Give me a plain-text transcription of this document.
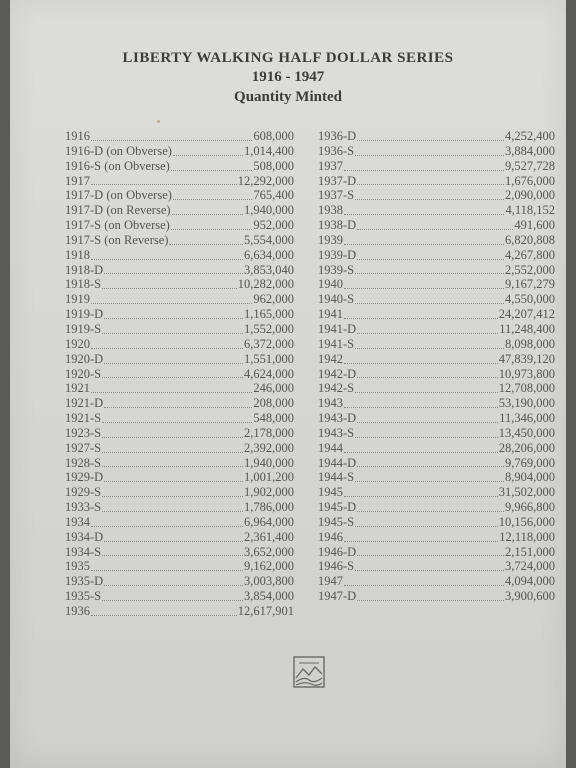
LIBERTY WALKING HALF DOLLAR SERIES
1916 - 1947
Quantity Minted
1916	608,000
1916-D (on Obverse)	1,014,400
1916-S (on Obverse)	508,000
1917	12,292,000
1917-D (on Obverse)	765,400
1917-D (on Reverse)	1,940,000
1917-S (on Obverse)	952,000
1917-S (on Reverse)	5,554,000
1918	6,634,000
1918-D	3,853,040
1918-S	10,282,000
1919	962,000
1919-D	1,165,000
1919-S	1,552,000
1920	6,372,000
1920-D	1,551,000
1920-S	4,624,000
1921	246,000
1921-D	208,000
1921-S	548,000
1923-S	2,178,000
1927-S	2,392,000
1928-S	1,940,000
1929-D	1,001,200
1929-S	1,902,000
1933-S	1,786,000
1934	6,964,000
1934-D	2,361,400
1934-S	3,652,000
1935	9,162,000
1935-D	3,003,800
1935-S	3,854,000
1936	12,617,901
1936-D	4,252,400
1936-S	3,884,000
1937	9,527,728
1937-D	1,676,000
1937-S	2,090,000
1938	4,118,152
1938-D	491,600
1939	6,820,808
1939-D	4,267,800
1939-S	2,552,000
1940	9,167,279
1940-S	4,550,000
1941	24,207,412
1941-D	11,248,400
1941-S	8,098,000
1942	47,839,120
1942-D	10,973,800
1942-S	12,708,000
1943	53,190,000
1943-D	11,346,000
1943-S	13,450,000
1944	28,206,000
1944-D	9,769,000
1944-S	8,904,000
1945	31,502,000
1945-D	9,966,800
1945-S	10,156,000
1946	12,118,000
1946-D	2,151,000
1946-S	3,724,000
1947	4,094,000
1947-D	3,900,600
